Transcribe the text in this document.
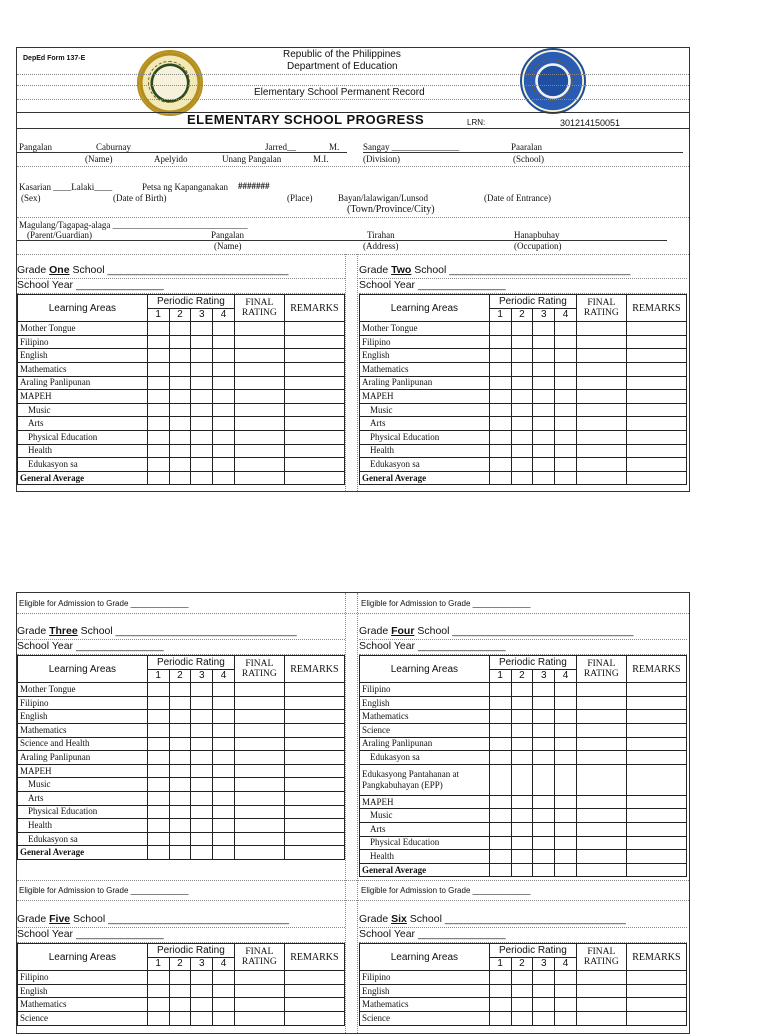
DepEd Form 137-E	Republic of the Philippines
Department of Education
Elementary School Permanent Record
ELEMENTARY SCHOOL PROGRESS	LRN:	301214150051
Pangalan	Caburnay	Jarred__	M.	Sangay _______________	Paaralan
(Name)	Apelyido	Unang Pangalan	M.I.	(Division)	(School)
Kasarian ____Lalaki____	Petsa ng Kapanganakan #######
(Sex)	(Date of Birth)	(Place)	Bayan/lalawigan/Lunsod	(Date of Entrance)
(Town/Province/City)
Magulang/Tagapag-alaga ______________________________
(Parent/Guardian)	Pangalan	Tirahan	Hanapbuhay
(Name)	(Address)	(Occupation)
Grade One School _______________________________
School Year _______________
Learning Areas	Periodic Rating				FINAL RATING	REMARKS
	1	2	3	4		
Mother Tongue						
Filipino						
English						
Mathematics						
Araling Panlipunan						
MAPEH						
Music						
Arts						
Physical Education						
Health						
Edukasyon sa						
General Average						
Grade Two School _______________________________
School Year _______________
Learning Areas	Periodic Rating				FINAL RATING	REMARKS
	1	2	3	4		
Mother Tongue						
Filipino						
English						
Mathematics						
Araling Panlipunan						
MAPEH						
Music						
Arts						
Physical Education						
Health						
Edukasyon sa						
General Average						
Eligible for Admission to Grade _____________	Eligible for Admission to Grade _____________
Grade Three School _______________________________
School Year _______________
Learning Areas	Periodic Rating				FINAL RATING	REMARKS
	1	2	3	4		
Mother Tongue						
Filipino						
English						
Mathematics						
Science and Health						
Araling Panlipunan						
MAPEH						
Music						
Arts						
Physical Education						
Health						
Edukasyon sa						
General Average						
Grade Four School _______________________________
School Year _______________
Learning Areas	Periodic Rating				FINAL RATING	REMARKS
	1	2	3	4		
Filipino						
English						
Mathematics						
Science						
Araling Panlipunan						
Edukasyon sa						
Edukasyong Pantahanan at Pangkabuhayan (EPP)						
MAPEH						
Music						
Arts						
Physical Education						
Health						
General Average						
Eligible for Admission to Grade _____________	Eligible for Admission to Grade _____________
Grade Five School _______________________________
School Year _______________
Learning Areas	Periodic Rating				FINAL RATING	REMARKS
	1	2	3	4		
Filipino						
English						
Mathematics						
Science						
Grade Six School _______________________________
School Year _______________
Learning Areas	Periodic Rating				FINAL RATING	REMARKS
	1	2	3	4		
Filipino						
English						
Mathematics						
Science						
